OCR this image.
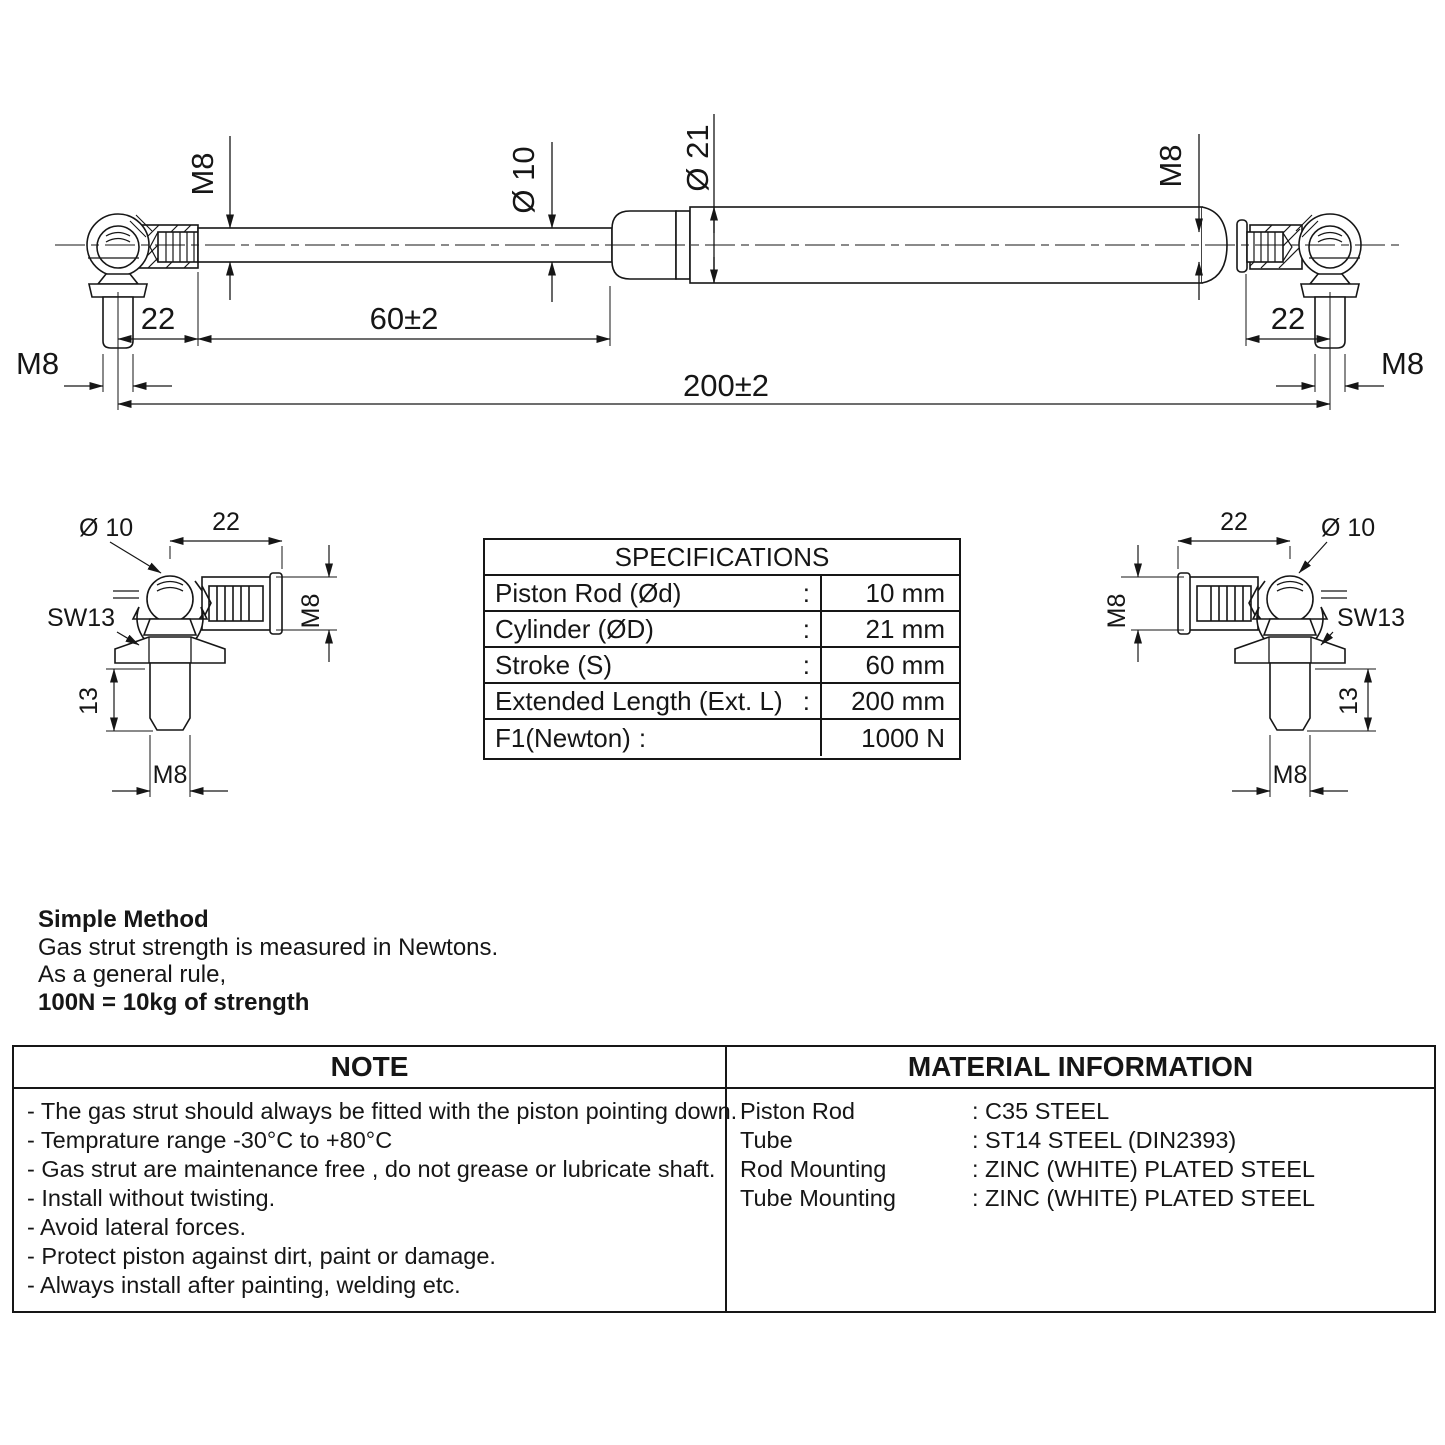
M8	Ø 10	Ø 21	M8
22	60±2	22
M8	M8
200±2
Ø 10	22
SW13	M8
13
M8
22	Ø 10
M8	SW13
13
M8
SPECIFICATIONS
Piston Rod (Ød)	:	10 mm
Cylinder (ØD)	:	21 mm
Stroke (S)	:	60 mm
Extended Length (Ext. L) :	200 mm
F1(Newton) :	1000 N
Simple Method
Gas strut strength is measured in Newtons.
As a general rule,
100N = 10kg of strength
NOTE
- The gas strut should always be fitted with the piston pointing down.
- Temprature range -30°C to +80°C
- Gas strut are maintenance free , do not grease or lubricate shaft.
- Install without twisting.
- Avoid lateral forces.
- Protect piston against dirt, paint or damage.
- Always install after painting, welding etc.
MATERIAL INFORMATION
Piston Rod	: C35 STEEL
Tube	: ST14 STEEL (DIN2393)
Rod Mounting	: ZINC (WHITE) PLATED STEEL
Tube Mounting	: ZINC (WHITE) PLATED STEEL
